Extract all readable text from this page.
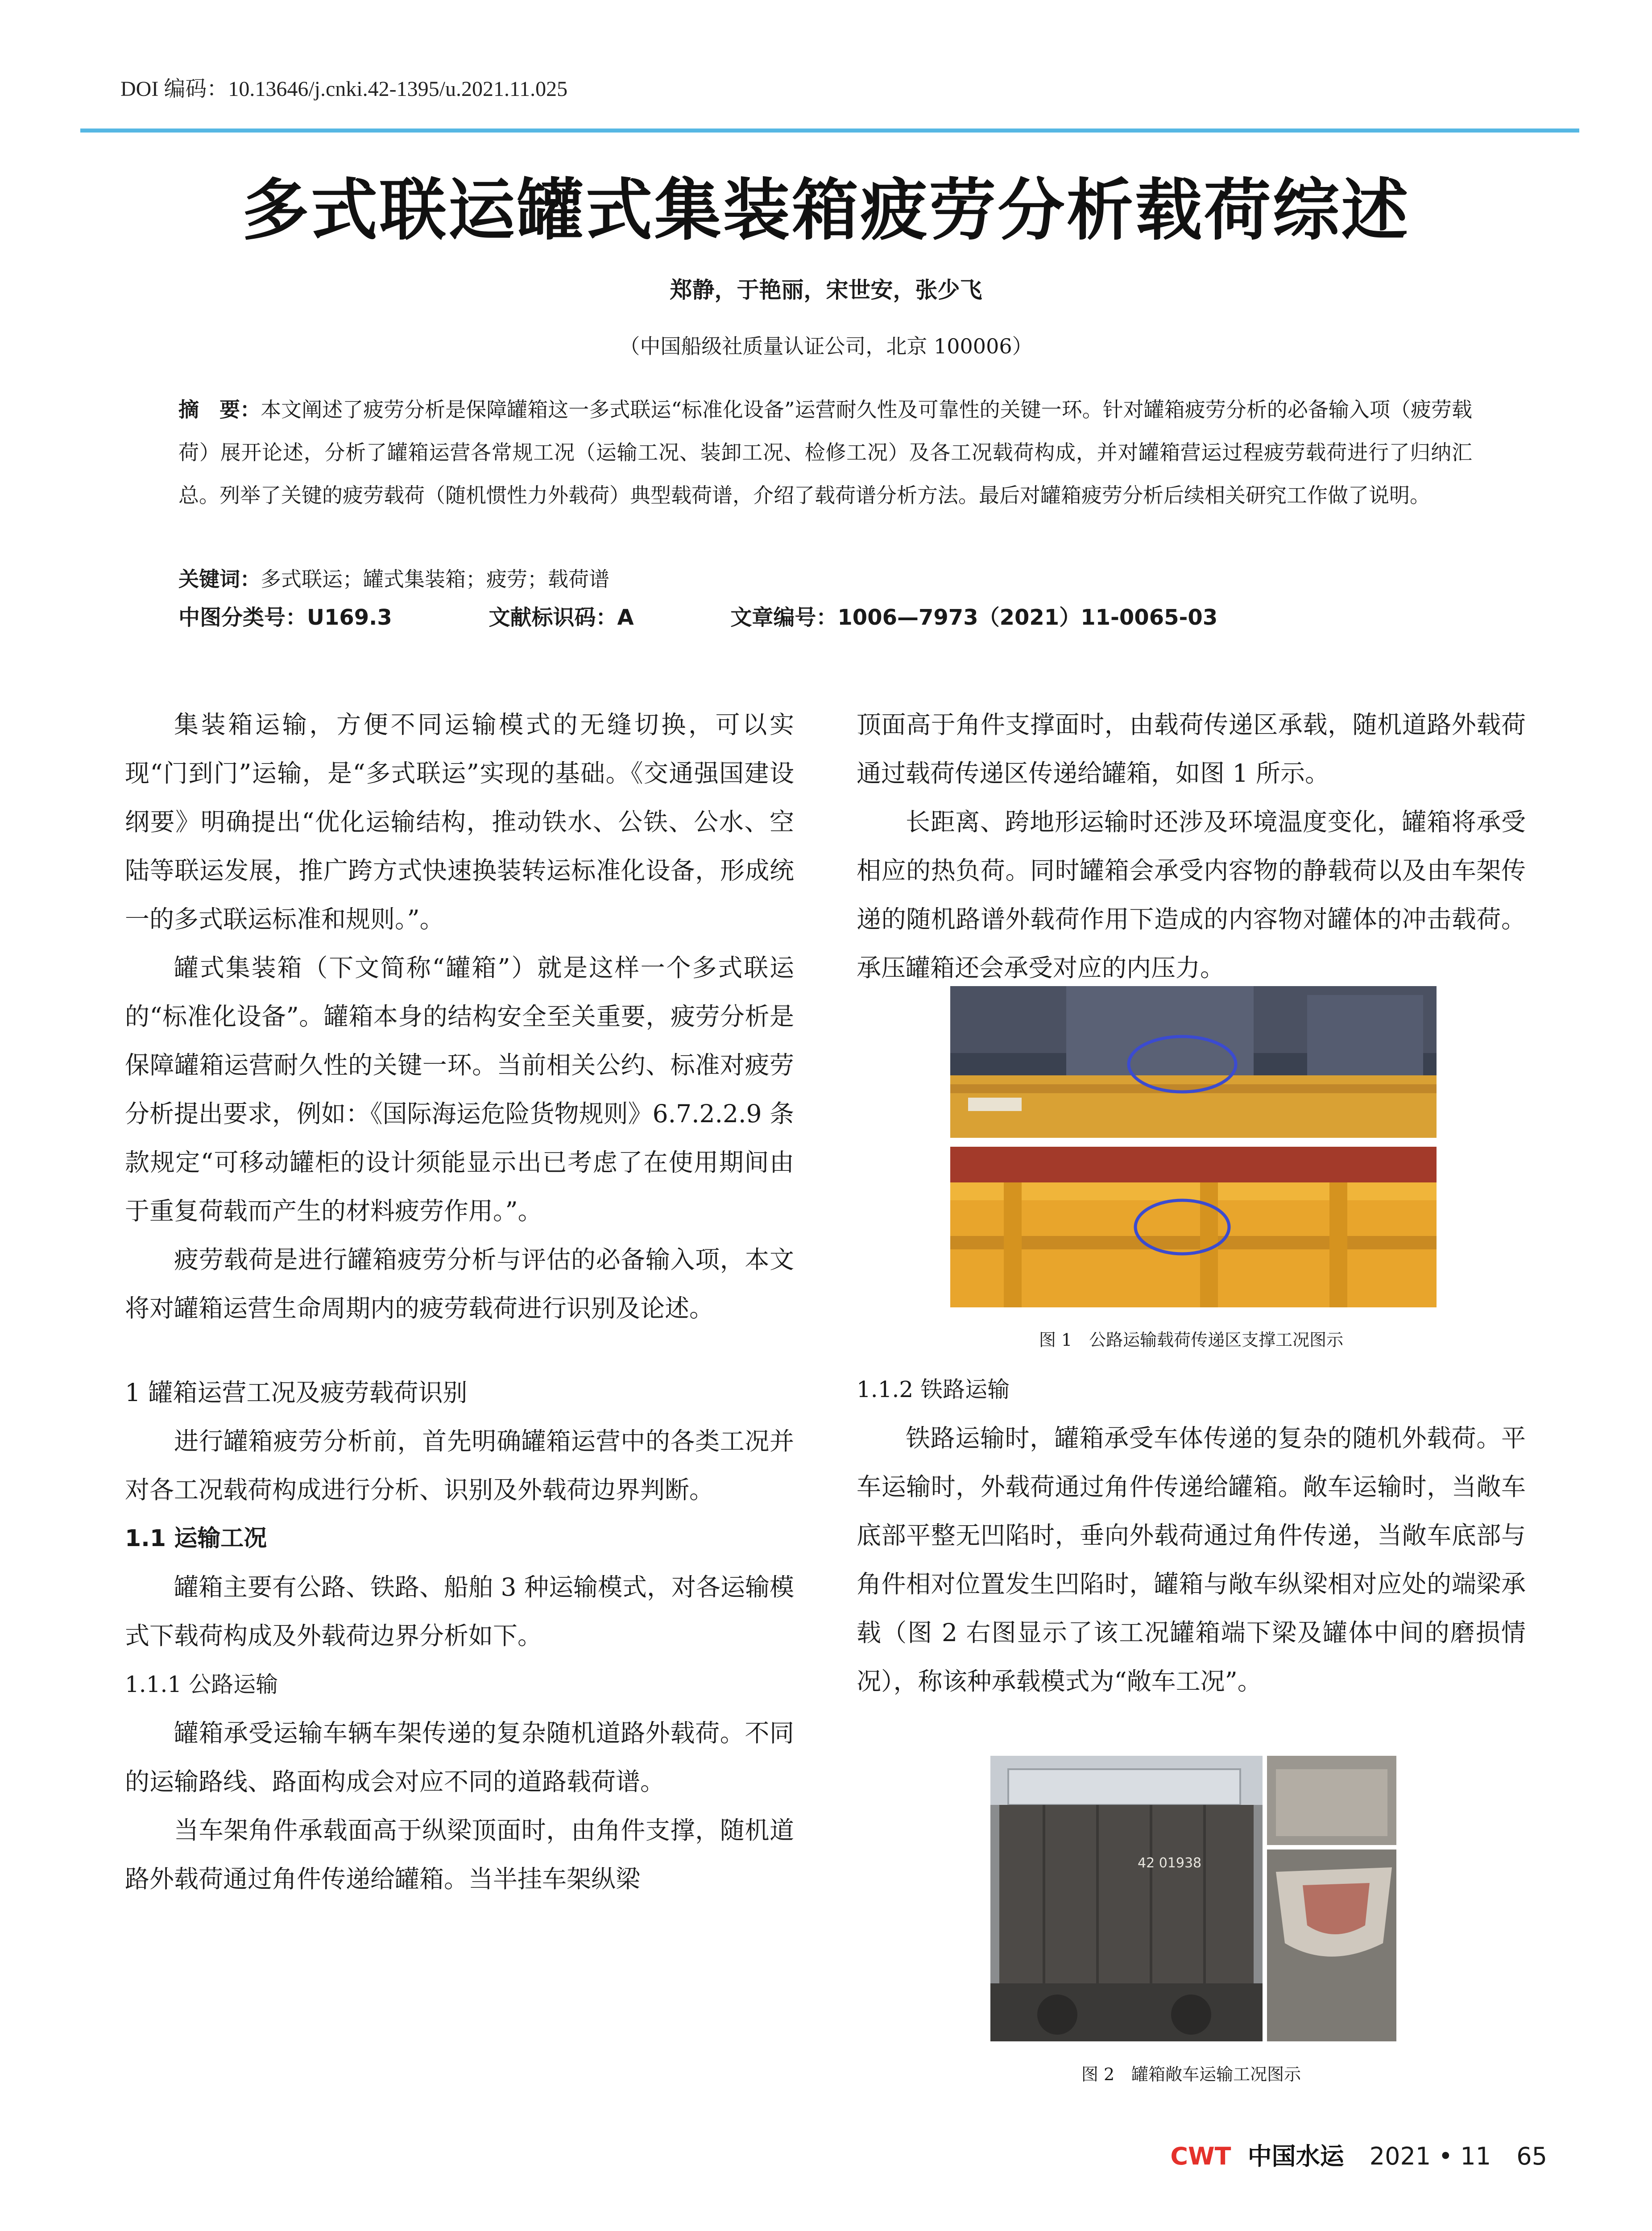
DOI 编码：10.13646/j.cnki.42-1395/u.2021.11.025
多式联运罐式集装箱疲劳分析载荷综述
郑静，于艳丽，宋世安，张少飞
（中国船级社质量认证公司，北京 100006）
摘　要：本文阐述了疲劳分析是保障罐箱这一多式联运“标准化设备”运营耐久性及可靠性的关键一环。针对罐箱疲劳分析的必备输入项（疲劳载荷）展开论述，分析了罐箱运营各常规工况（运输工况、装卸工况、检修工况）及各工况载荷构成，并对罐箱营运过程疲劳载荷进行了归纳汇总。列举了关键的疲劳载荷（随机惯性力外载荷）典型载荷谱，介绍了载荷谱分析方法。最后对罐箱疲劳分析后续相关研究工作做了说明。
关键词：多式联运；罐式集装箱；疲劳；载荷谱
中图分类号：U169.3	文献标识码：A	文章编号：1006—7973（2021）11-0065-03

集装箱运输，方便不同运输模式的无缝切换，可以实现“门到门”运输，是“多式联运”实现的基础。《交通强国建设纲要》明确提出“优化运输结构，推动铁水、公铁、公水、空陆等联运发展，推广跨方式快速换装转运标准化设备，形成统一的多式联运标准和规则。”。

罐式集装箱（下文简称“罐箱”）就是这样一个多式联运的“标准化设备”。罐箱本身的结构安全至关重要，疲劳分析是保障罐箱运营耐久性的关键一环。当前相关公约、标准对疲劳分析提出要求，例如：《国际海运危险货物规则》6.7.2.2.9 条款规定“可移动罐柜的设计须能显示出已考虑了在使用期间由于重复荷载而产生的材料疲劳作用。”。

疲劳载荷是进行罐箱疲劳分析与评估的必备输入项，本文将对罐箱运营生命周期内的疲劳载荷进行识别及论述。

1 罐箱运营工况及疲劳载荷识别

进行罐箱疲劳分析前，首先明确罐箱运营中的各类工况并对各工况载荷构成进行分析、识别及外载荷边界判断。

1.1 运输工况

罐箱主要有公路、铁路、船舶 3 种运输模式，对各运输模式下载荷构成及外载荷边界分析如下。

1.1.1 公路运输

罐箱承受运输车辆车架传递的复杂随机道路外载荷。不同的运输路线、路面构成会对应不同的道路载荷谱。

当车架角件承载面高于纵梁顶面时，由角件支撑，随机道路外载荷通过角件传递给罐箱。当半挂车架纵梁

顶面高于角件支撑面时，由载荷传递区承载，随机道路外载荷通过载荷传递区传递给罐箱，如图 1 所示。

长距离、跨地形运输时还涉及环境温度变化，罐箱将承受相应的热负荷。同时罐箱会承受内容物的静载荷以及由车架传递的随机路谱外载荷作用下造成的内容物对罐体的冲击载荷。承压罐箱还会承受对应的内压力。

图 1　公路运输载荷传递区支撑工况图示

1.1.2 铁路运输

铁路运输时，罐箱承受车体传递的复杂的随机外载荷。平车运输时，外载荷通过角件传递给罐箱。敞车运输时，当敞车底部平整无凹陷时，垂向外载荷通过角件传递，当敞车底部与角件相对位置发生凹陷时，罐箱与敞车纵梁相对应处的端梁承载（图 2 右图显示了该工况罐箱端下梁及罐体中间的磨损情况），称该种承载模式为“敞车工况”。

42 01938
图 2　罐箱敞车运输工况图示
CWT 中国水运 2021 • 11 65
